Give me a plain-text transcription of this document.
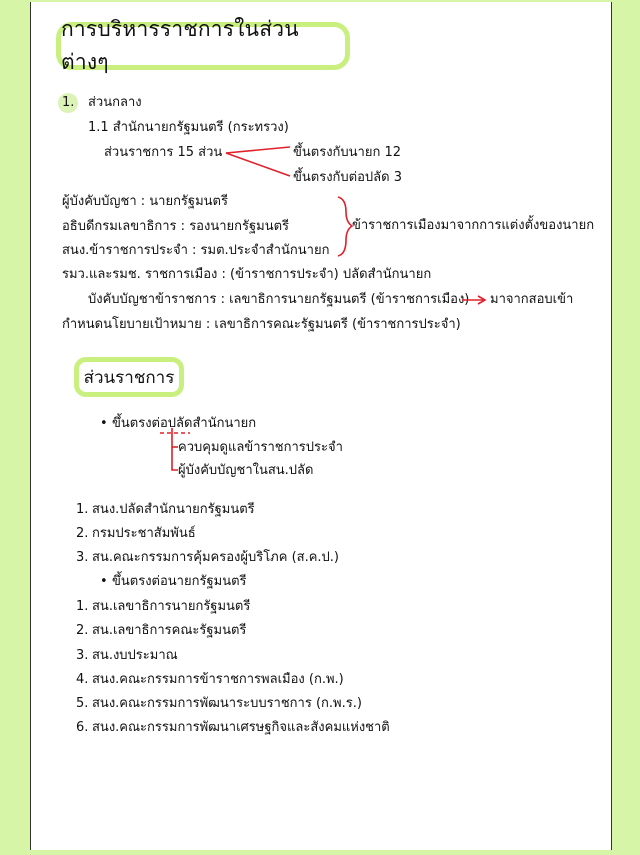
การบริหารราชการในส่วนต่างๆ
1. ส่วนกลาง
1.1 สำนักนายกรัฐมนตรี (กระทรวง)
ส่วนราชการ 15 ส่วน	ขึ้นตรงกับนายก 12
ขึ้นตรงกับต่อปลัด 3
ผู้บังคับบัญชา : นายกรัฐมนตรี
อธิบดีกรมเลขาธิการ : รองนายกรัฐมนตรี
สนง.ข้าราชการประจำ : รมต.ประจำสำนักนายก
ข้าราชการเมืองมาจากการแต่งตั้งของนายก
รมว.และรมช. ราชการเมือง : (ข้าราชการประจำ) ปลัดสำนักนายก
บังคับบัญชาข้าราชการ : เลขาธิการนายกรัฐมนตรี (ข้าราชการเมือง) มาจากสอบเข้า
กำหนดนโยบายเป้าหมาย : เลขาธิการคณะรัฐมนตรี (ข้าราชการประจำ)
ส่วนราชการ
• ขึ้นตรงต่อปลัดสำนักนายก
ควบคุมดูแลข้าราชการประจำ
ผู้บังคับบัญชาในสน.ปลัด
1. สนง.ปลัดสำนักนายกรัฐมนตรี
2. กรมประชาสัมพันธ์
3. สน.คณะกรรมการคุ้มครองผู้บริโภค (ส.ค.ป.)
• ขึ้นตรงต่อนายกรัฐมนตรี
1. สน.เลขาธิการนายกรัฐมนตรี
2. สน.เลขาธิการคณะรัฐมนตรี
3. สน.งบประมาณ
4. สนง.คณะกรรมการข้าราชการพลเมือง (ก.พ.)
5. สนง.คณะกรรมการพัฒนาระบบราชการ (ก.พ.ร.)
6. สนง.คณะกรรมการพัฒนาเศรษฐกิจและสังคมแห่งชาติ
